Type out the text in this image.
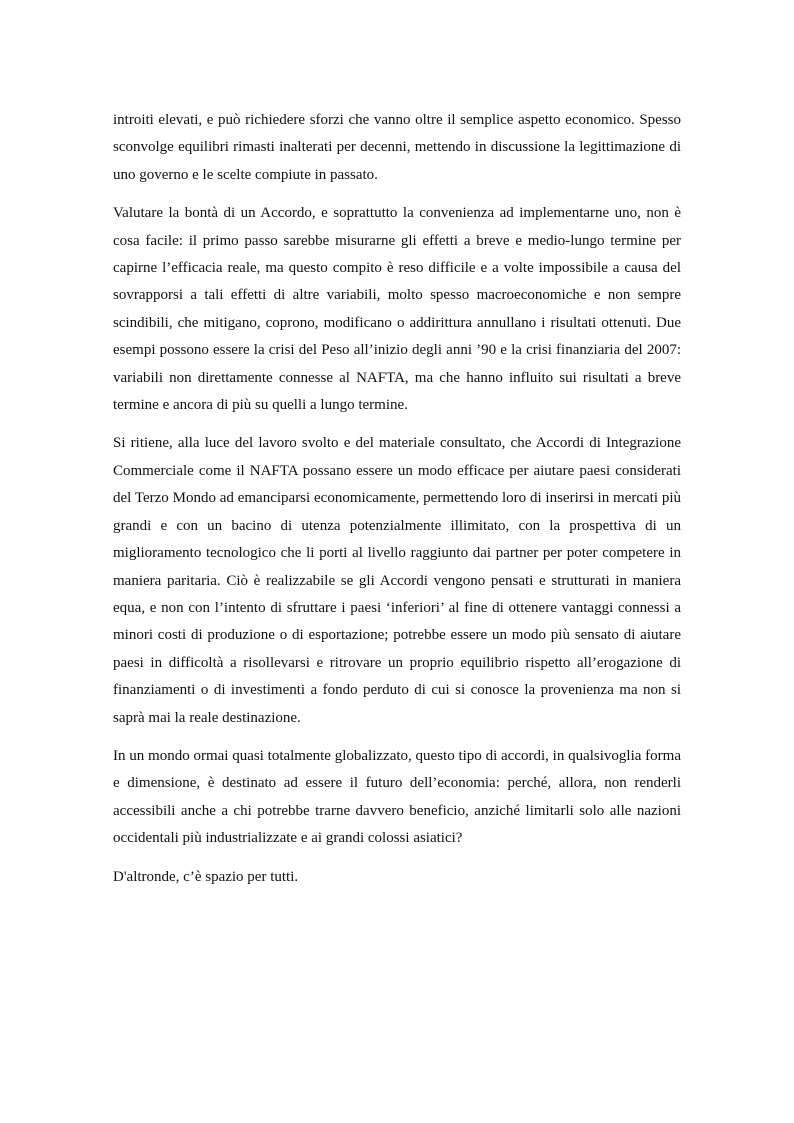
introiti elevati, e può richiedere sforzi che vanno oltre il semplice aspetto economico. Spesso sconvolge equilibri rimasti inalterati per decenni, mettendo in discussione la legittimazione di uno governo e le scelte compiute in passato.

Valutare la bontà di un Accordo, e soprattutto la convenienza ad implementarne uno, non è cosa facile: il primo passo sarebbe misurarne gli effetti a breve e medio-lungo termine per capirne l’efficacia reale, ma questo compito è reso difficile e a volte impossibile a causa del sovrapporsi a tali effetti di altre variabili, molto spesso macroeconomiche e non sempre scindibili, che mitigano, coprono, modificano o addirittura annullano i risultati ottenuti. Due esempi possono essere la crisi del Peso all’inizio degli anni ’90 e la crisi finanziaria del 2007: variabili non direttamente connesse al NAFTA, ma che hanno influito sui risultati a breve termine e ancora di più su quelli a lungo termine.

Si ritiene, alla luce del lavoro svolto e del materiale consultato, che Accordi di Integrazione Commerciale come il NAFTA possano essere un modo efficace per aiutare paesi considerati del Terzo Mondo ad emanciparsi economicamente, permettendo loro di inserirsi in mercati più grandi e con un bacino di utenza potenzialmente illimitato, con la prospettiva di un miglioramento tecnologico che li porti al livello raggiunto dai partner per poter competere in maniera paritaria. Ciò è realizzabile se gli Accordi vengono pensati e strutturati in maniera equa, e non con l’intento di sfruttare i paesi ‘inferiori’ al fine di ottenere vantaggi connessi a minori costi di produzione o di esportazione; potrebbe essere un modo più sensato di aiutare paesi in difficoltà a risollevarsi e ritrovare un proprio equilibrio rispetto all’erogazione di finanziamenti o di investimenti a fondo perduto di cui si conosce la provenienza ma non si saprà mai la reale destinazione.

In un mondo ormai quasi totalmente globalizzato, questo tipo di accordi, in qualsivoglia forma e dimensione, è destinato ad essere il futuro dell’economia: perché, allora, non renderli accessibili anche a chi potrebbe trarne davvero beneficio, anziché limitarli solo alle nazioni occidentali più industrializzate e ai grandi colossi asiatici?

D'altronde, c’è spazio per tutti.
